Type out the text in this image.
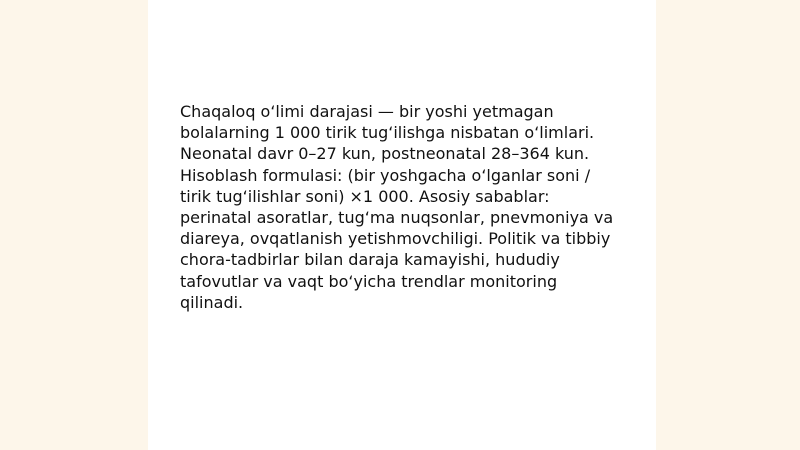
Chaqaloq o‘limi darajasi — bir yoshi yetmagan
bolalarning 1 000 tirik tug‘ilishga nisbatan o‘limlari.
Neonatal davr 0–27 kun, postneonatal 28–364 kun.
Hisoblash formulasi: (bir yoshgacha o‘lganlar soni /
tirik tug‘ilishlar soni) ×1 000. Asosiy sabablar:
perinatal asoratlar, tug‘ma nuqsonlar, pnevmoniya va
diareya, ovqatlanish yetishmovchiligi. Politik va tibbiy
chora-tadbirlar bilan daraja kamayishi, hududiy
tafovutlar va vaqt bo‘yicha trendlar monitoring
qilinadi.
